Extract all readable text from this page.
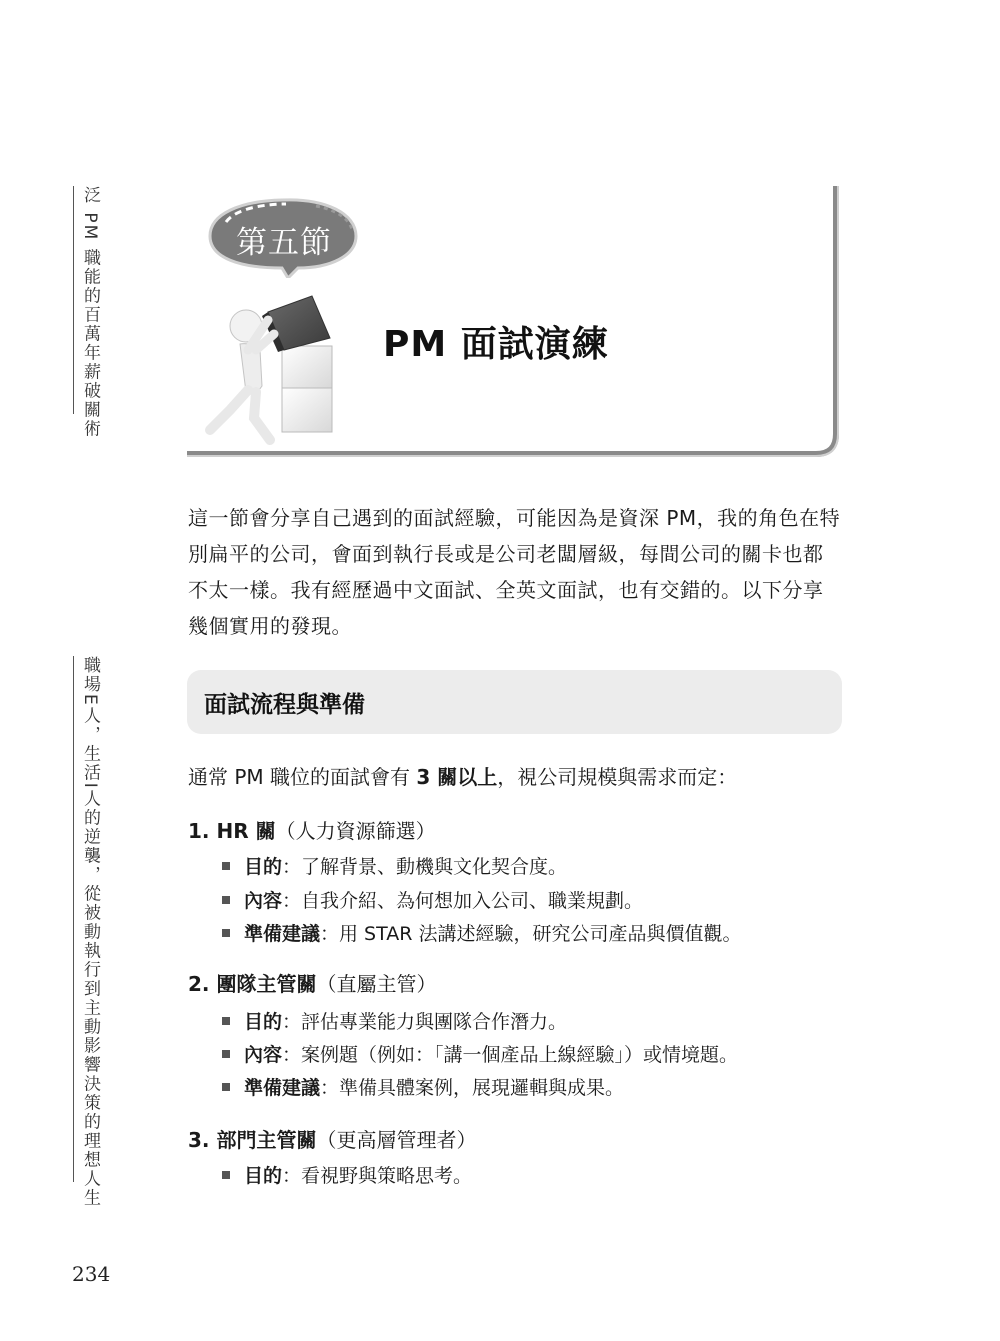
泛 PM 職能的百萬年薪破關術
職場E人，生活I人的逆襲，從被動執行到主動影響決策的理想人生
234
第五節
PM 面試演練

這一節會分享自己遇到的面試經驗，可能因為是資深 PM，我的角色在特
別扁平的公司，會面到執行長或是公司老闆層級，每間公司的關卡也都
不太一樣。我有經歷過中文面試、全英文面試，也有交錯的。以下分享
幾個實用的發現。

面試流程與準備
通常 PM 職位的面試會有 3 關以上，視公司規模與需求而定：
1. HR 關（人力資源篩選）
目的：了解背景、動機與文化契合度。
內容：自我介紹、為何想加入公司、職業規劃。
準備建議：用 STAR 法講述經驗，研究公司產品與價值觀。
2. 團隊主管關（直屬主管）
目的：評估專業能力與團隊合作潛力。
內容：案例題（例如：「講一個產品上線經驗」）或情境題。
準備建議：準備具體案例，展現邏輯與成果。
3. 部門主管關（更高層管理者）
目的：看視野與策略思考。
